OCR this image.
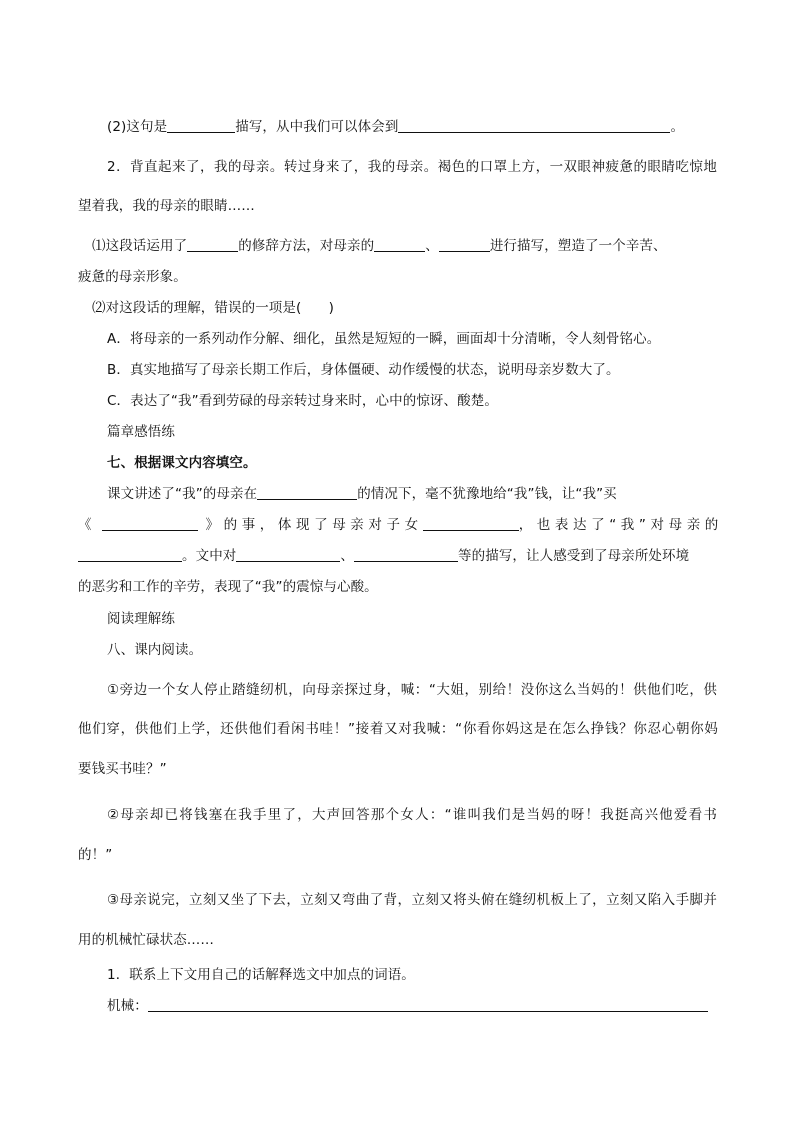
(2)这句是	描写，从中我们可以体会到	。
2．背直起来了，我的母亲。转过身来了，我的母亲。褐色的口罩上方，一双眼神疲惫的眼睛吃惊地
望着我，我的母亲的眼睛……
⑴这段话运用了	的修辞方法，对母亲的	、	进行描写，塑造了一个辛苦、
疲惫的母亲形象。
⑵对这段话的理解，错误的一项是(　　)
A．将母亲的一系列动作分解、细化，虽然是短短的一瞬，画面却十分清晰，令人刻骨铭心。
B．真实地描写了母亲长期工作后，身体僵硬、动作缓慢的状态，说明母亲岁数大了。
C．表达了“我”看到劳碌的母亲转过身来时，心中的惊讶、酸楚。
篇章感悟练
七、根据课文内容填空。
课文讲述了“我”的母亲在	的情况下，毫不犹豫地给“我”钱，让“我”买
《	》的事，体现了母亲对子女	，也表达了“我”对母亲的
。文中对	、	等的描写，让人感受到了母亲所处环境
的恶劣和工作的辛劳，表现了“我”的震惊与心酸。
阅读理解练
八、课内阅读。
①旁边一个女人停止踏缝纫机，向母亲探过身，喊：“大姐，别给！没你这么当妈的！供他们吃，供
他们穿，供他们上学，还供他们看闲书哇！”接着又对我喊：“你看你妈这是在怎么挣钱？你忍心朝你妈
要钱买书哇？”
②母亲却已将钱塞在我手里了，大声回答那个女人：“谁叫我们是当妈的呀！我挺高兴他爱看书
的！”
③母亲说完，立刻又坐了下去，立刻又弯曲了背，立刻又将头俯在缝纫机板上了，立刻又陷入手脚并
用的机械忙碌状态……
1．联系上下文用自己的话解释选文中加点的词语。
机械：
